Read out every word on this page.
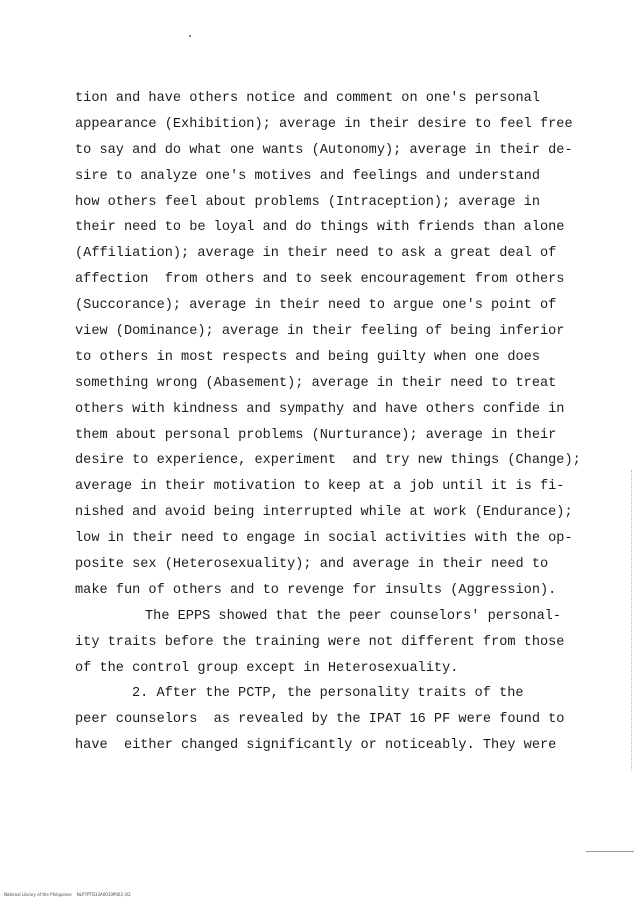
tion and have others notice and comment on one's personal
appearance (Exhibition); average in their desire to feel free
to say and do what one wants (Autonomy); average in their de-
sire to analyze one's motives and feelings and understand
how others feel about problems (Intraception); average in
their need to be loyal and do things with friends than alone
(Affiliation); average in their need to ask a great deal of
affection  from others and to seek encouragement from others
(Succorance); average in their need to argue one's point of
view (Dominance); average in their feeling of being inferior
to others in most respects and being guilty when one does
something wrong (Abasement); average in their need to treat
others with kindness and sympathy and have others confide in
them about personal problems (Nurturance); average in their
desire to experience, experiment  and try new things (Change);
average in their motivation to keep at a job until it is fi-
nished and avoid being interrupted while at work (Endurance);
low in their need to engage in social activities with the op-
posite sex (Heterosexuality); and average in their need to
make fun of others and to revenge for insults (Aggression).
The EPPS showed that the peer counselors' personal-
ity traits before the training were not different from those
of the control group except in Heterosexuality.
2. After the PCTP, the personality traits of the
peer counselors  as revealed by the IPAT 16 PF were found to
have  either changed significantly or noticeably. They were
National Library of the Philippines    NLP7PTD33A0010P003 3/2
